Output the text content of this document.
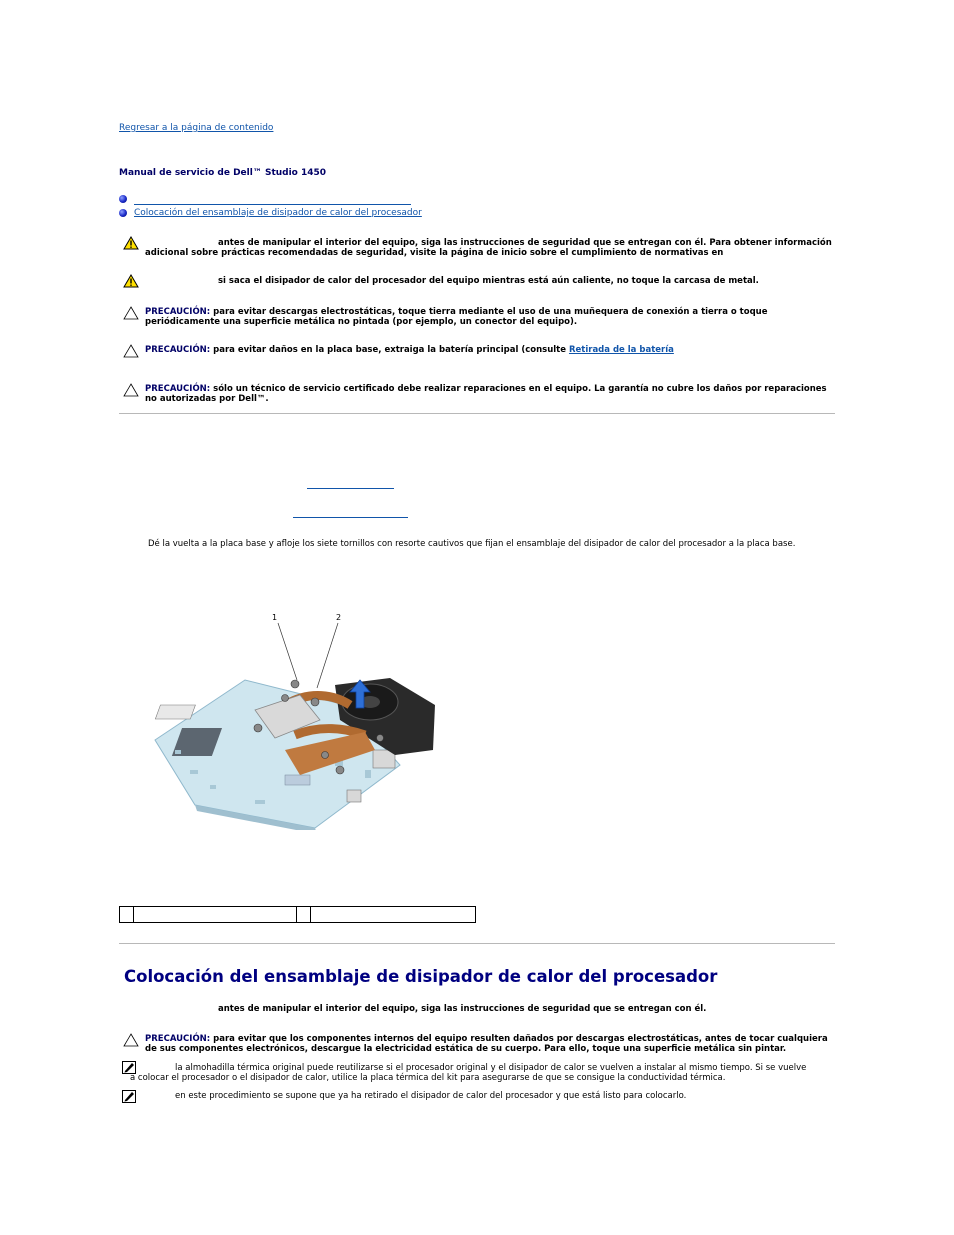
Regresar a la página de contenido
Manual de servicio de Dell™ Studio 1450
Colocación del ensamblaje de disipador de calor del procesador
antes de manipular el interior del equipo, siga las instrucciones de seguridad que se entregan con él. Para obtener información adicional sobre prácticas recomendadas de seguridad, visite la página de inicio sobre el cumplimiento de normativas en
si saca el disipador de calor del procesador del equipo mientras está aún caliente, no toque la carcasa de metal.
PRECAUCIÓN: para evitar descargas electrostáticas, toque tierra mediante el uso de una muñequera de conexión a tierra o toque periódicamente una superficie metálica no pintada (por ejemplo, un conector del equipo).
PRECAUCIÓN: para evitar daños en la placa base, extraiga la batería principal (consulte Retirada de la batería
PRECAUCIÓN: sólo un técnico de servicio certificado debe realizar reparaciones en el equipo. La garantía no cubre los daños por reparaciones no autorizadas por Dell™.
Dé la vuelta a la placa base y afloje los siete tornillos con resorte cautivos que fijan el ensamblaje del disipador de calor del procesador a la placa base.
1	2

Colocación del ensamblaje de disipador de calor del procesador
antes de manipular el interior del equipo, siga las instrucciones de seguridad que se entregan con él.
PRECAUCIÓN: para evitar que los componentes internos del equipo resulten dañados por descargas electrostáticas, antes de tocar cualquiera de sus componentes electrónicos, descargue la electricidad estática de su cuerpo. Para ello, toque una superficie metálica sin pintar.
la almohadilla térmica original puede reutilizarse si el procesador original y el disipador de calor se vuelven a instalar al mismo tiempo. Si se vuelve a colocar el procesador o el disipador de calor, utilice la placa térmica del kit para asegurarse de que se consigue la conductividad térmica.
en este procedimiento se supone que ya ha retirado el disipador de calor del procesador y que está listo para colocarlo.
